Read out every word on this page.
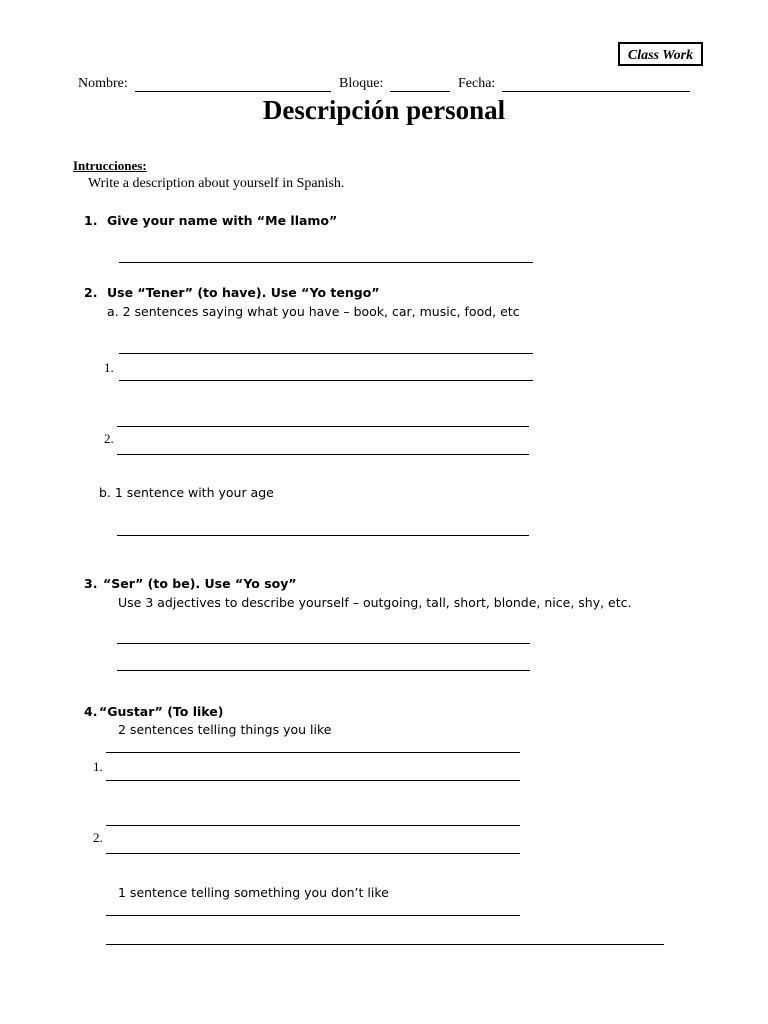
Class Work
Nombre:	Bloque:	Fecha:
Descripción personal
Intrucciones:
Write a description about yourself in Spanish.
1. Give your name with “Me llamo”
2. Use “Tener” (to have). Use “Yo tengo”
a. 2 sentences saying what you have – book, car, music, food, etc
1.
2.
b. 1 sentence with your age
3. “Ser” (to be). Use “Yo soy”
Use 3 adjectives to describe yourself – outgoing, tall, short, blonde, nice, shy, etc.
4. “Gustar” (To like)
2 sentences telling things you like
1.
2.
1 sentence telling something you don’t like
